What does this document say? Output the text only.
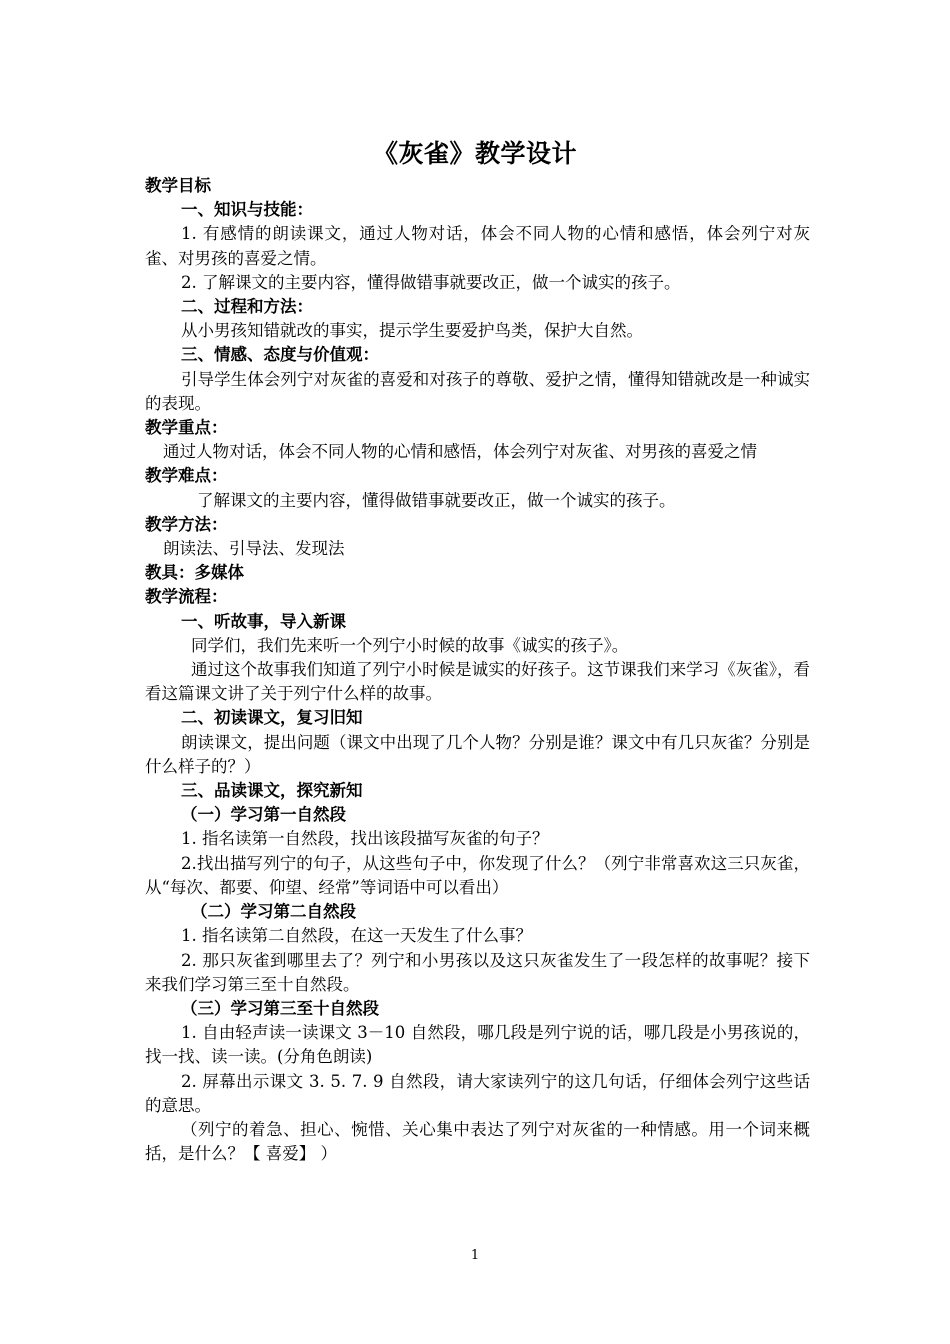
《灰雀》教学设计

教学目标

一、知识与技能：

1. 有感情的朗读课文，通过人物对话，体会不同人物的心情和感悟，体会列宁对灰雀、对男孩的喜爱之情。

2. 了解课文的主要内容，懂得做错事就要改正，做一个诚实的孩子。

二、过程和方法：

从小男孩知错就改的事实，提示学生要爱护鸟类，保护大自然。

三、情感、态度与价值观：

引导学生体会列宁对灰雀的喜爱和对孩子的尊敬、爱护之情，懂得知错就改是一种诚实的表现。

教学重点：

通过人物对话，体会不同人物的心情和感悟，体会列宁对灰雀、对男孩的喜爱之情

教学难点：

了解课文的主要内容，懂得做错事就要改正，做一个诚实的孩子。

教学方法：

朗读法、引导法、发现法

教具：多媒体

教学流程：

一、听故事，导入新课

同学们，我们先来听一个列宁小时候的故事《诚实的孩子》。

通过这个故事我们知道了列宁小时候是诚实的好孩子。这节课我们来学习《灰雀》，看看这篇课文讲了关于列宁什么样的故事。

二、初读课文，复习旧知

朗读课文，提出问题（课文中出现了几个人物？分别是谁？课文中有几只灰雀？分别是什么样子的？）

三、品读课文，探究新知

（一）学习第一自然段

1. 指名读第一自然段，找出该段描写灰雀的句子？

2.找出描写列宁的句子，从这些句子中，你发现了什么？（列宁非常喜欢这三只灰雀，从“每次、都要、仰望、经常”等词语中可以看出）

（二）学习第二自然段

1. 指名读第二自然段，在这一天发生了什么事？

2. 那只灰雀到哪里去了？列宁和小男孩以及这只灰雀发生了一段怎样的故事呢？接下来我们学习第三至十自然段。

（三）学习第三至十自然段

1. 自由轻声读一读课文 3－10 自然段，哪几段是列宁说的话，哪几段是小男孩说的，找一找、读一读。(分角色朗读)

2. 屏幕出示课文 3. 5. 7. 9 自然段，请大家读列宁的这几句话，仔细体会列宁这些话的意思。

（列宁的着急、担心、惋惜、关心集中表达了列宁对灰雀的一种情感。用一个词来概括，是什么？【 喜爱】 ）

1
